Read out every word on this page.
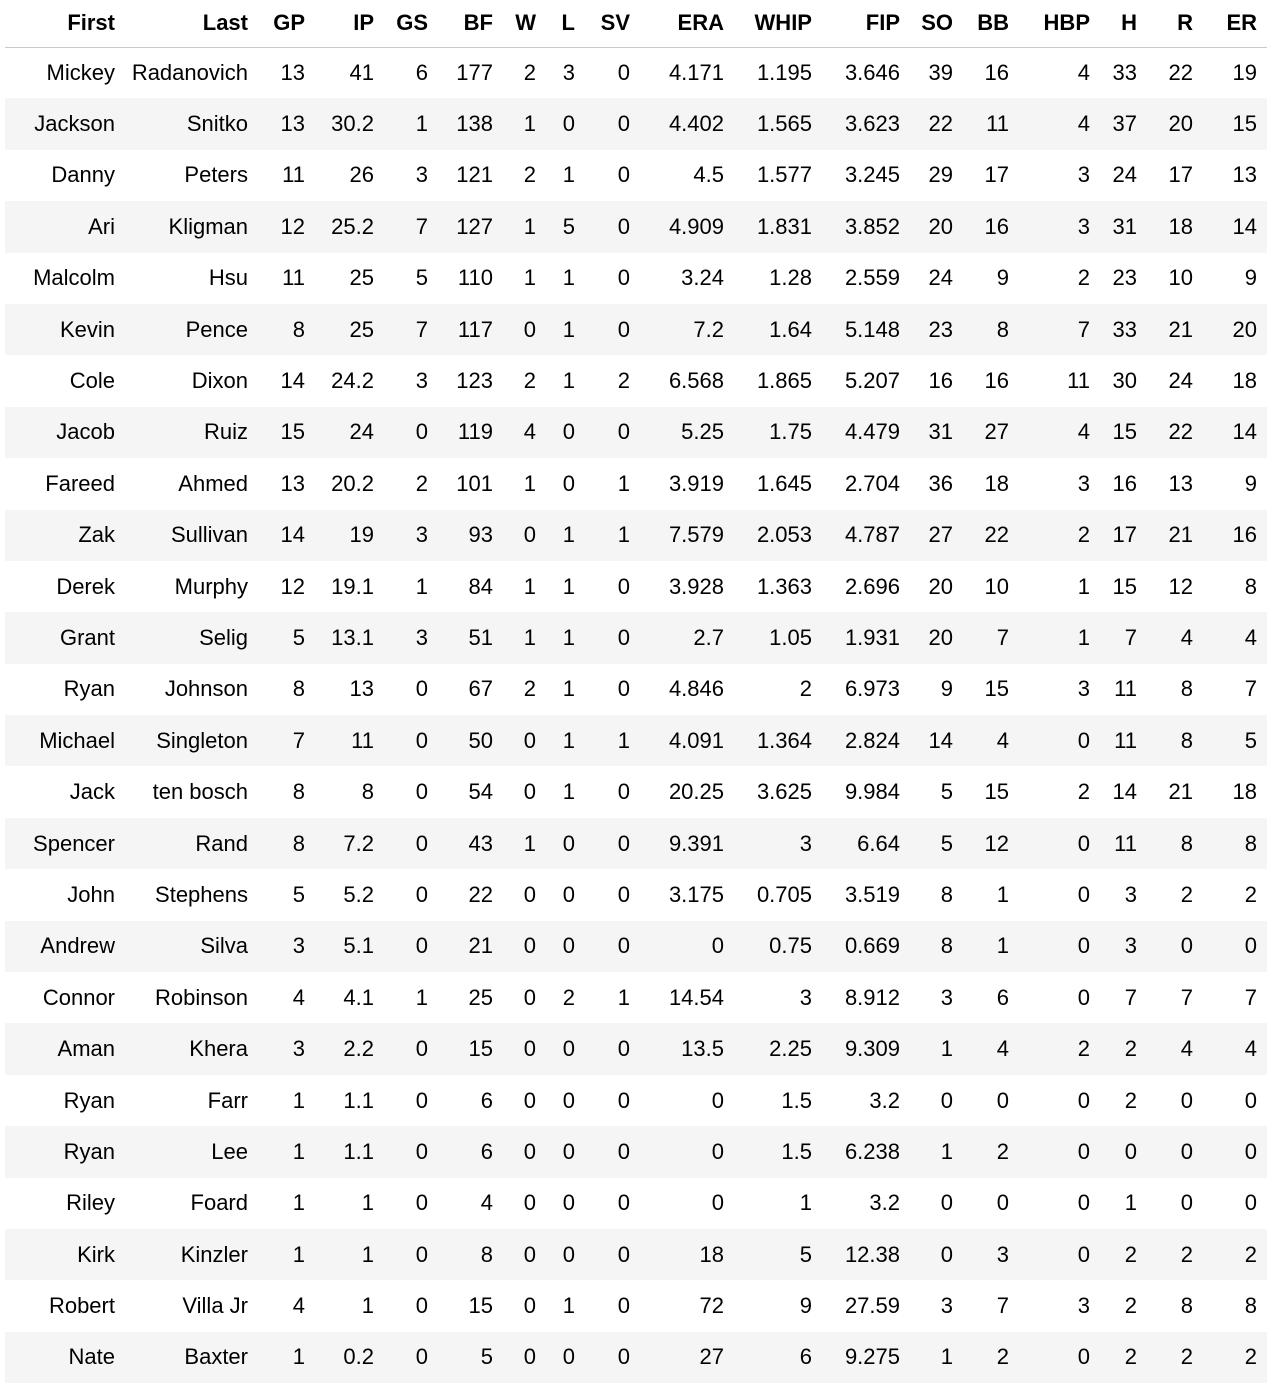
First	Last	GP	IP	GS	BF	W	L	SV	ERA	WHIP	FIP	SO	BB	HBP	H	R	ER
Mickey	Radanovich	13	41	6	177	2	3	0	4.171	1.195	3.646	39	16	4	33	22	19
Jackson	Snitko	13	30.2	1	138	1	0	0	4.402	1.565	3.623	22	11	4	37	20	15
Danny	Peters	11	26	3	121	2	1	0	4.5	1.577	3.245	29	17	3	24	17	13
Ari	Kligman	12	25.2	7	127	1	5	0	4.909	1.831	3.852	20	16	3	31	18	14
Malcolm	Hsu	11	25	5	110	1	1	0	3.24	1.28	2.559	24	9	2	23	10	9
Kevin	Pence	8	25	7	117	0	1	0	7.2	1.64	5.148	23	8	7	33	21	20
Cole	Dixon	14	24.2	3	123	2	1	2	6.568	1.865	5.207	16	16	11	30	24	18
Jacob	Ruiz	15	24	0	119	4	0	0	5.25	1.75	4.479	31	27	4	15	22	14
Fareed	Ahmed	13	20.2	2	101	1	0	1	3.919	1.645	2.704	36	18	3	16	13	9
Zak	Sullivan	14	19	3	93	0	1	1	7.579	2.053	4.787	27	22	2	17	21	16
Derek	Murphy	12	19.1	1	84	1	1	0	3.928	1.363	2.696	20	10	1	15	12	8
Grant	Selig	5	13.1	3	51	1	1	0	2.7	1.05	1.931	20	7	1	7	4	4
Ryan	Johnson	8	13	0	67	2	1	0	4.846	2	6.973	9	15	3	11	8	7
Michael	Singleton	7	11	0	50	0	1	1	4.091	1.364	2.824	14	4	0	11	8	5
Jack	ten bosch	8	8	0	54	0	1	0	20.25	3.625	9.984	5	15	2	14	21	18
Spencer	Rand	8	7.2	0	43	1	0	0	9.391	3	6.64	5	12	0	11	8	8
John	Stephens	5	5.2	0	22	0	0	0	3.175	0.705	3.519	8	1	0	3	2	2
Andrew	Silva	3	5.1	0	21	0	0	0	0	0.75	0.669	8	1	0	3	0	0
Connor	Robinson	4	4.1	1	25	0	2	1	14.54	3	8.912	3	6	0	7	7	7
Aman	Khera	3	2.2	0	15	0	0	0	13.5	2.25	9.309	1	4	2	2	4	4
Ryan	Farr	1	1.1	0	6	0	0	0	0	1.5	3.2	0	0	0	2	0	0
Ryan	Lee	1	1.1	0	6	0	0	0	0	1.5	6.238	1	2	0	0	0	0
Riley	Foard	1	1	0	4	0	0	0	0	1	3.2	0	0	0	1	0	0
Kirk	Kinzler	1	1	0	8	0	0	0	18	5	12.38	0	3	0	2	2	2
Robert	Villa Jr	4	1	0	15	0	1	0	72	9	27.59	3	7	3	2	8	8
Nate	Baxter	1	0.2	0	5	0	0	0	27	6	9.275	1	2	0	2	2	2
